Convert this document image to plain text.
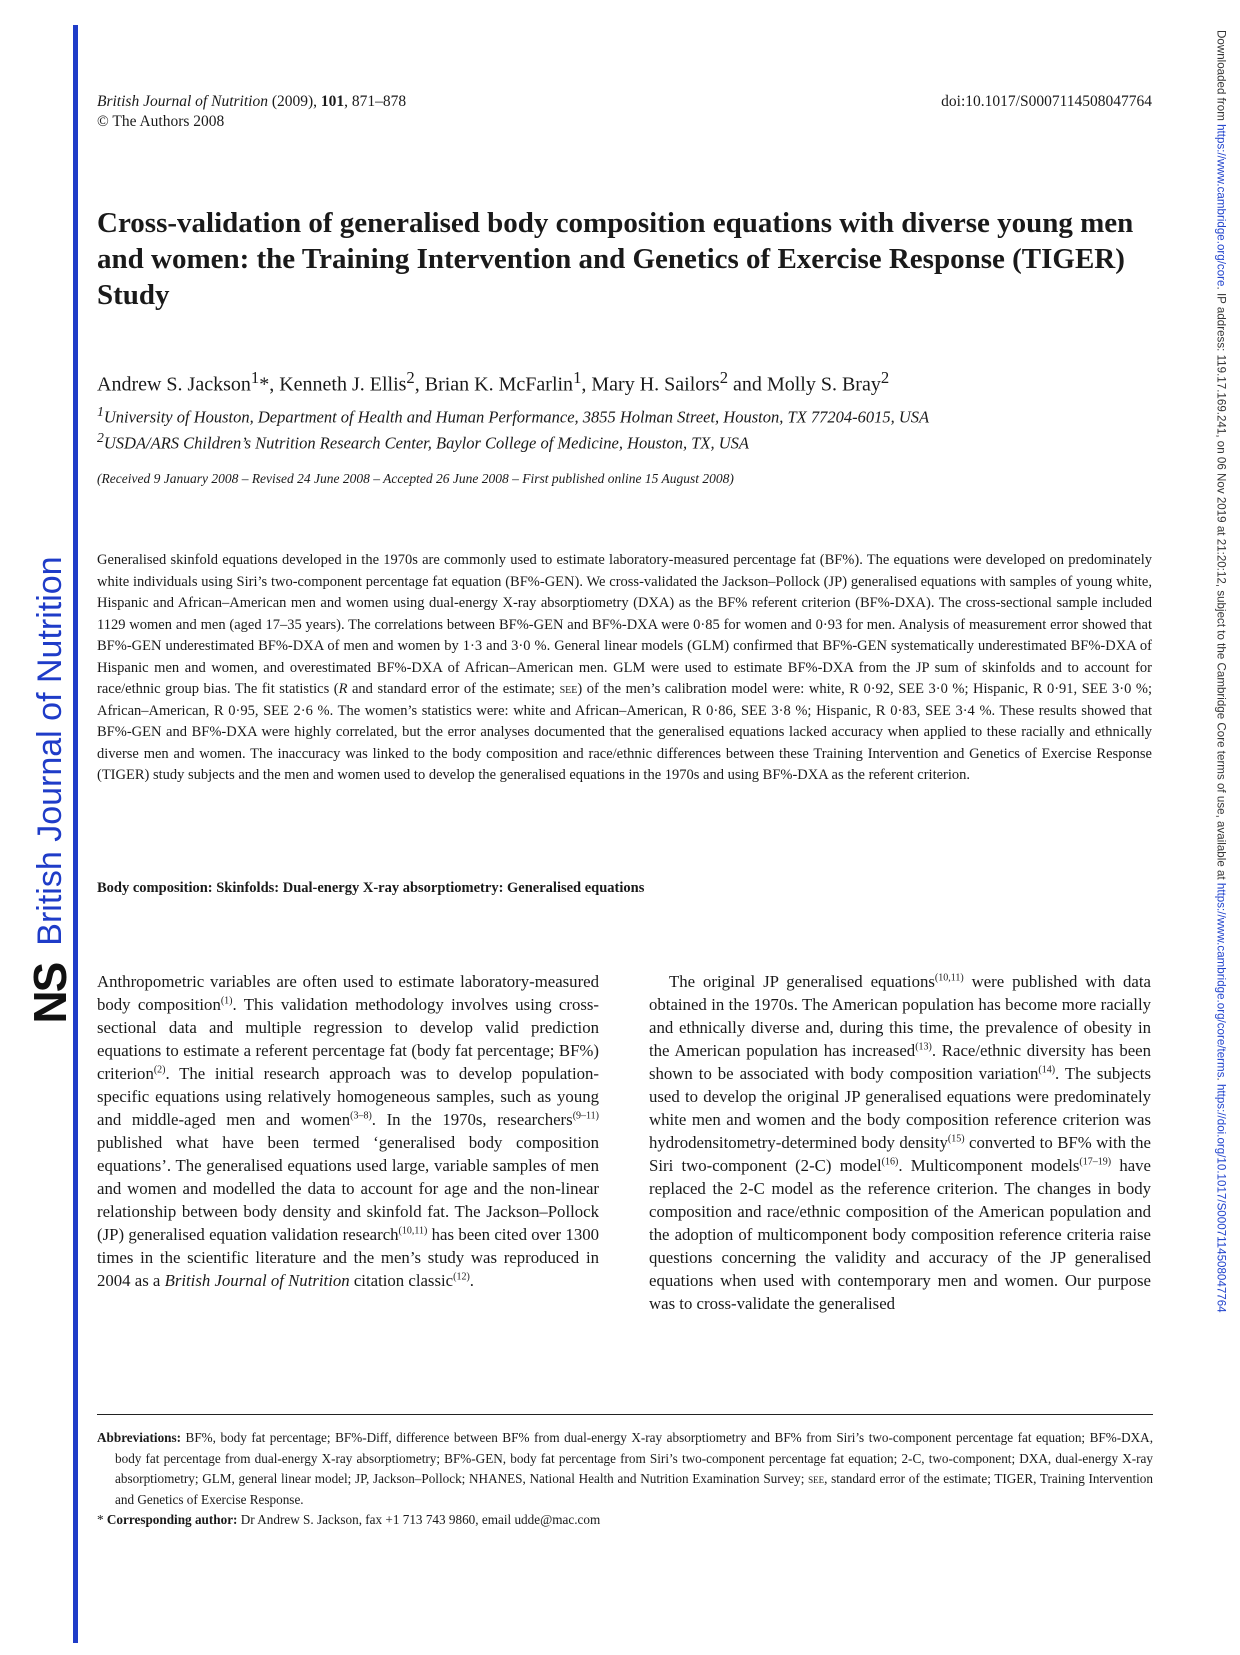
NS
British Journal of Nutrition
Downloaded from https://www.cambridge.org/core. IP address: 119.17.169.241, on 06 Nov 2019 at 21:20:12, subject to the Cambridge Core terms of use, available at https://www.cambridge.org/core/terms. https://doi.org/10.1017/S0007114508047764
British Journal of Nutrition (2009), 101, 871–878
© The Authors 2008
doi:10.1017/S0007114508047764
Cross-validation of generalised body composition equations with diverse young men and women: the Training Intervention and Genetics of Exercise Response (TIGER) Study
Andrew S. Jackson$^1$*, Kenneth J. Ellis$^2$, Brian K. McFarlin$^1$, Mary H. Sailors$^2$ and Molly S. Bray$^2$
$^1$University of Houston, Department of Health and Human Performance, 3855 Holman Street, Houston, TX 77204-6015, USA
$^2$USDA/ARS Children’s Nutrition Research Center, Baylor College of Medicine, Houston, TX, USA
(Received 9 January 2008 – Revised 24 June 2008 – Accepted 26 June 2008 – First published online 15 August 2008)

Generalised skinfold equations developed in the 1970s are commonly used to estimate laboratory-measured percentage fat (BF%). The equations were developed on predominately white individuals using Siri’s two-component percentage fat equation (BF%-GEN). We cross-validated the Jackson–Pollock (JP) generalised equations with samples of young white, Hispanic and African–American men and women using dual-energy X-ray absorptiometry (DXA) as the BF% referent criterion (BF%-DXA). The cross-sectional sample included 1129 women and men (aged 17–35 years). The correlations between BF%-GEN and BF%-DXA were 0·85 for women and 0·93 for men. Analysis of measurement error showed that BF%-GEN underestimated BF%-DXA of men and women by 1·3 and 3·0 %. General linear models (GLM) confirmed that BF%-GEN systematically underestimated BF%-DXA of Hispanic men and women, and overestimated BF%-DXA of African–American men. GLM were used to estimate BF%-DXA from the JP sum of skinfolds and to account for race/ethnic group bias. The fit statistics (R and standard error of the estimate; see) of the men’s calibration model were: white, R 0·92, SEE 3·0 %; Hispanic, R 0·91, SEE 3·0 %; African–American, R 0·95, SEE 2·6 %. The women’s statistics were: white and African–American, R 0·86, SEE 3·8 %; Hispanic, R 0·83, SEE 3·4 %. These results showed that BF%-GEN and BF%-DXA were highly correlated, but the error analyses documented that the generalised equations lacked accuracy when applied to these racially and ethnically diverse men and women. The inaccuracy was linked to the body composition and race/ethnic differences between these Training Intervention and Genetics of Exercise Response (TIGER) study subjects and the men and women used to develop the generalised equations in the 1970s and using BF%-DXA as the referent criterion.

Body composition: Skinfolds: Dual-energy X-ray absorptiometry: Generalised equations

Anthropometric variables are often used to estimate laboratory-measured body composition$^{(1)}$. This validation methodology involves using cross-sectional data and multiple regression to develop valid prediction equations to estimate a referent percentage fat (body fat percentage; BF%) criterion$^{(2)}$. The initial research approach was to develop population-specific equations using relatively homogeneous samples, such as young and middle-aged men and women$^{(3-8)}$. In the 1970s, researchers$^{(9-11)}$ published what have been termed ‘generalised body composition equations’. The generalised equations used large, variable samples of men and women and modelled the data to account for age and the non-linear relationship between body density and skinfold fat. The Jackson–Pollock (JP) generalised equation validation research$^{(10,11)}$ has been cited over 1300 times in the scientific literature and the men’s study was reproduced in 2004 as a British Journal of Nutrition citation classic$^{(12)}$.

The original JP generalised equations$^{(10,11)}$ were published with data obtained in the 1970s. The American population has become more racially and ethnically diverse and, during this time, the prevalence of obesity in the American population has increased$^{(13)}$. Race/ethnic diversity has been shown to be associated with body composition variation$^{(14)}$. The subjects used to develop the original JP generalised equations were predominately white men and women and the body composition reference criterion was hydrodensitometry-determined body density$^{(15)}$ converted to BF% with the Siri two-component (2-C) model$^{(16)}$. Multicomponent models$^{(17-19)}$ have replaced the 2-C model as the reference criterion. The changes in body composition and race/ethnic composition of the American population and the adoption of multicomponent body composition reference criteria raise questions concerning the validity and accuracy of the JP generalised equations when used with contemporary men and women. Our purpose was to cross-validate the generalised

Abbreviations: BF%, body fat percentage; BF%-Diff, difference between BF% from dual-energy X-ray absorptiometry and BF% from Siri’s two-component percentage fat equation; BF%-DXA, body fat percentage from dual-energy X-ray absorptiometry; BF%-GEN, body fat percentage from Siri’s two-component percentage fat equation; 2-C, two-component; DXA, dual-energy X-ray absorptiometry; GLM, general linear model; JP, Jackson–Pollock; NHANES, National Health and Nutrition Examination Survey; see, standard error of the estimate; TIGER, Training Intervention and Genetics of Exercise Response.

* Corresponding author: Dr Andrew S. Jackson, fax +1 713 743 9860, email udde@mac.com
